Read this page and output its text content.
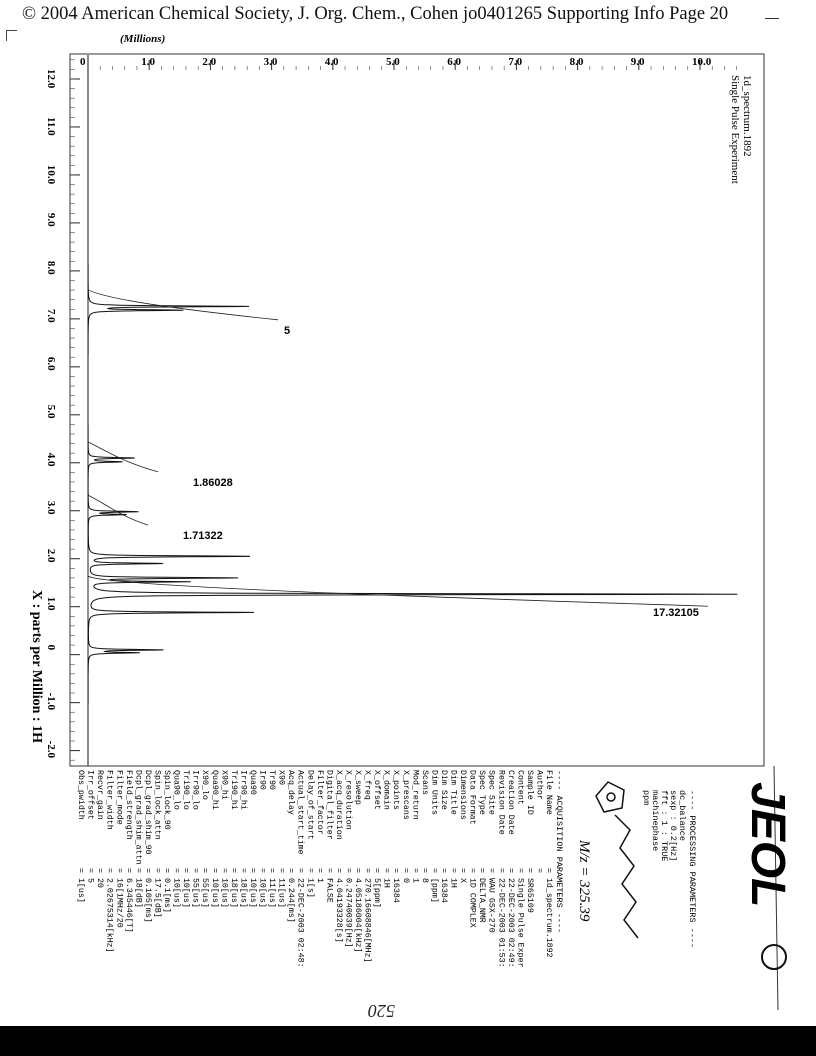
© 2004 American Chemical Society, J. Org. Chem., Cohen jo0401265 Supporting Info Page 20
12.0
11.0
10.0
9.0
8.0
7.0
6.0
5.0
4.0
3.0
2.0
1.0
0
-1.0
-2.0
0	1.0	2.0	3.0	4.0	5.0	6.0	7.0	8.0	9.0	10.0
5
1.86028
1.71322
17.32105
(Millions)
X : parts per Million : 1H
1d_spectrum.1892
Single Pulse Experiment
JEOL
---- PROCESSING PARAMETERS ----
dc_balance
sexp : 0.2[Hz]
fft : 1 : TRUE
machinephase
ppm
M/z = 325.39
---- ACQUISITION PARAMETERS ----
File Name
= 1d_spectrum.1892
Author
=
Sample ID
= SR65109
Content
= Single Pulse Exper
Creation Date
= 22-DEC-2003 02:49:
Revision Date
= 22-DEC-2003 01:53:
Spec Site
= WAU GSX-270
Spec Type
= DELTA_NMR
Data Format
= 1D COMPLEX
Dimensions
= X
Dim Title
= 1H
Dim Size
= 16384
Dim Units
= [ppm]
Scans
= 8
Mod_return
= 1
X_prescans
= 0
X_points
= 16384
X_domain
= 1H
X_offset
= 5[ppm]
X_freq
= 270.16608846[MHz]
X_sweep
= 4.05186004[kHz]
X_resolution
= 0.24740039[Hz]
X_acq_duration
= 4.04193328[s]
Digital_filter
= FALSE
Filter_factor
= 1
Delay_of_start
= 1[s]
Actual_start_time
= 22-DEC-2003 02:48:
Acq_delay
= 0.244[ms]
X90
= 11[us]
Tr90
= 11[us]
Ir90
= 10[us]
Qua90
= 10[us]
Irr90_hi
= 18[us]
Tri90_hi
= 18[us]
X90_hi
= 10[us]
Qua90_hi
= 10[us]
X90_lo
= 55[us]
Irr90_lo
= 55[us]
Tri90_lo
= 10[us]
Qua90_lo
= 10[us]
Spin_lock_90
= 0.1[ms]
Spin_lock_attn
= 17.5[dB]
Dcpl_grad_shim_90
= 0.105[ms]
Dcpl_grad_shim_attn
= 18[dB]
Field_strength
= 6.345446[T]
Filter_mode
= 16[1MHz/20
Filter_width
= 2.02675314[kHz]
Recvr_gain
= 20
Irr_offset
= 5
Obs_pwidth
= 1[us]
520
